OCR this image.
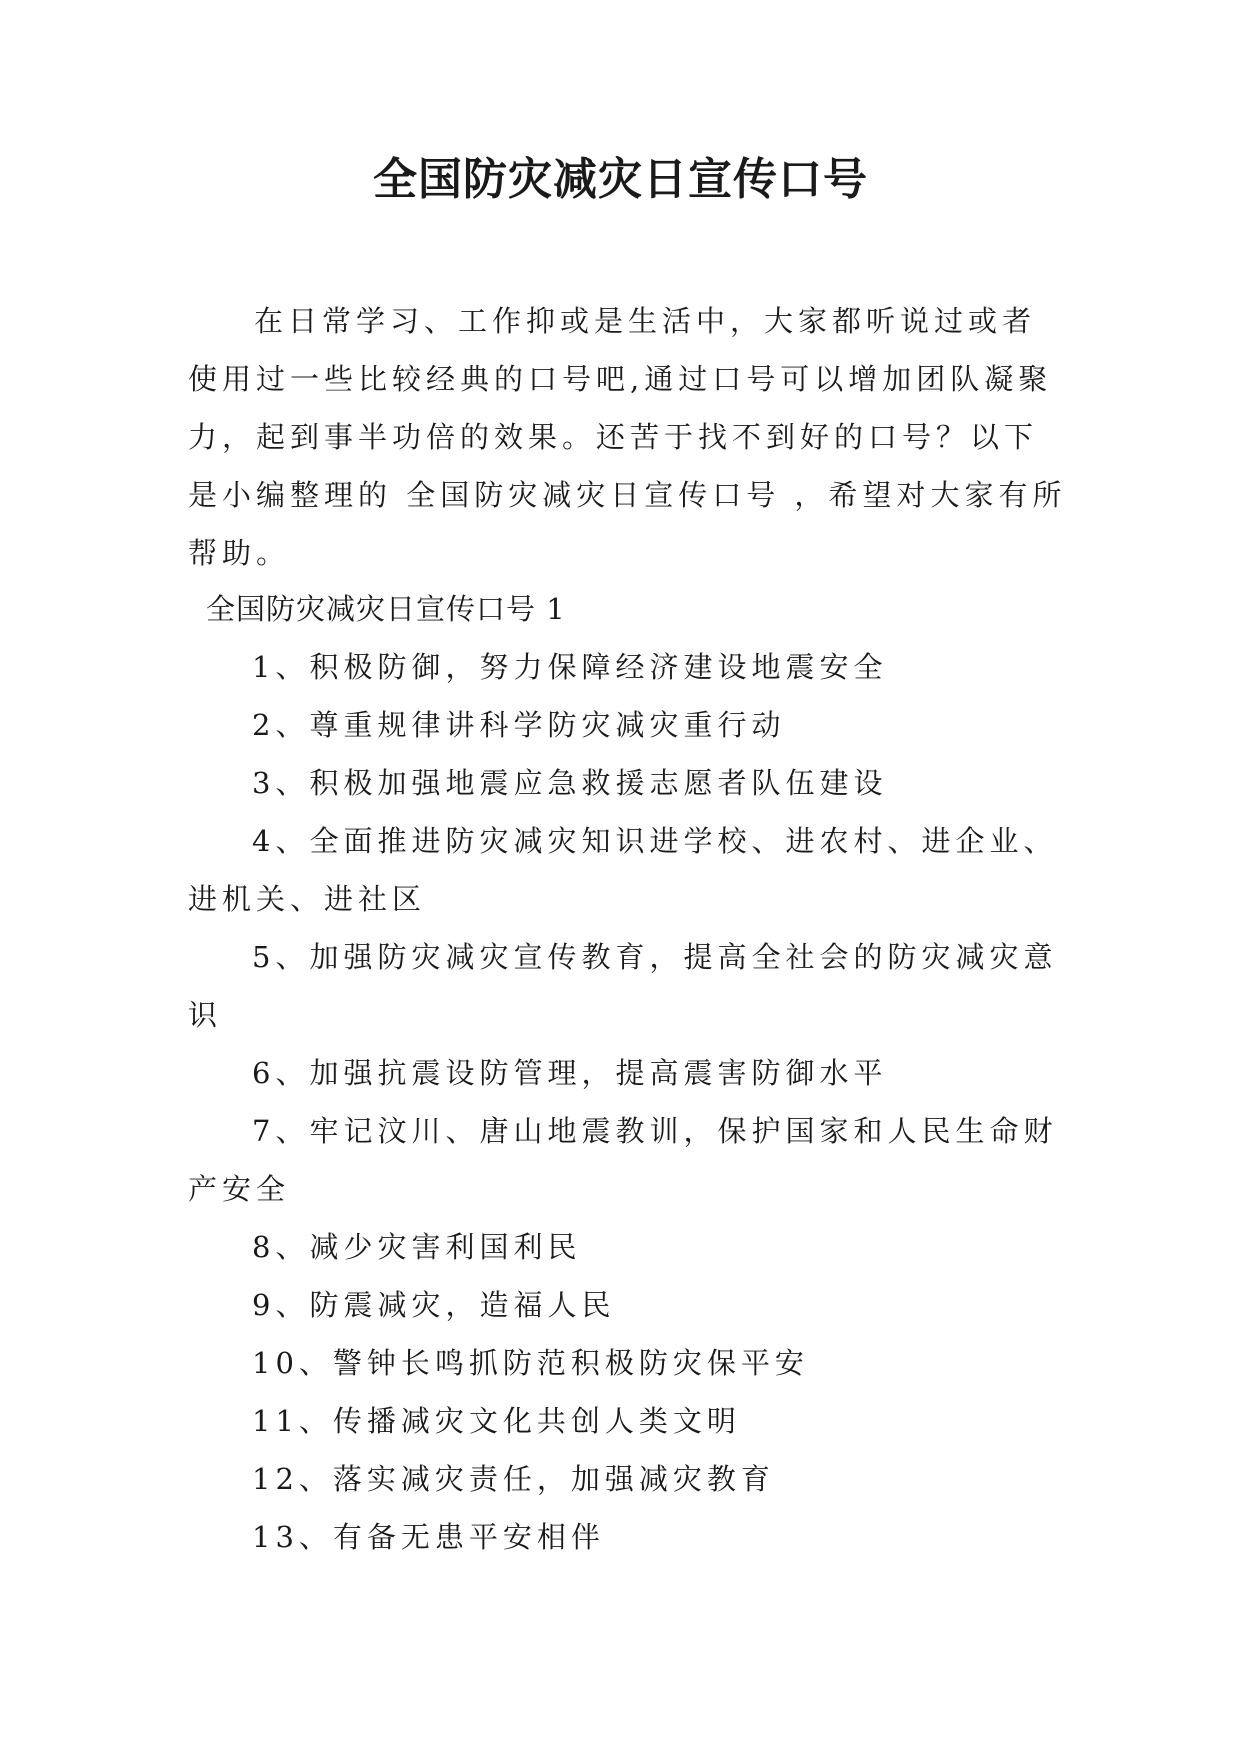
全国防灾减灾日宣传口号

在日常学习、工作抑或是生活中，大家都听说过或者使用过一些比较经典的口号吧,通过口号可以增加团队凝聚力，起到事半功倍的效果。还苦于找不到好的口号？以下是小编整理的 全国防灾减灾日宣传口号 ，希望对大家有所帮助。

全国防灾减灾日宣传口号 1
1、积极防御，努力保障经济建设地震安全
2、尊重规律讲科学防灾减灾重行动
3、积极加强地震应急救援志愿者队伍建设
4、全面推进防灾减灾知识进学校、进农村、进企业、进机关、进社区
5、加强防灾减灾宣传教育，提高全社会的防灾减灾意识
6、加强抗震设防管理，提高震害防御水平
7、牢记汶川、唐山地震教训，保护国家和人民生命财产安全
8、减少灾害利国利民
9、防震减灾，造福人民
10、警钟长鸣抓防范积极防灾保平安
11、传播减灾文化共创人类文明
12、落实减灾责任，加强减灾教育
13、有备无患平安相伴
